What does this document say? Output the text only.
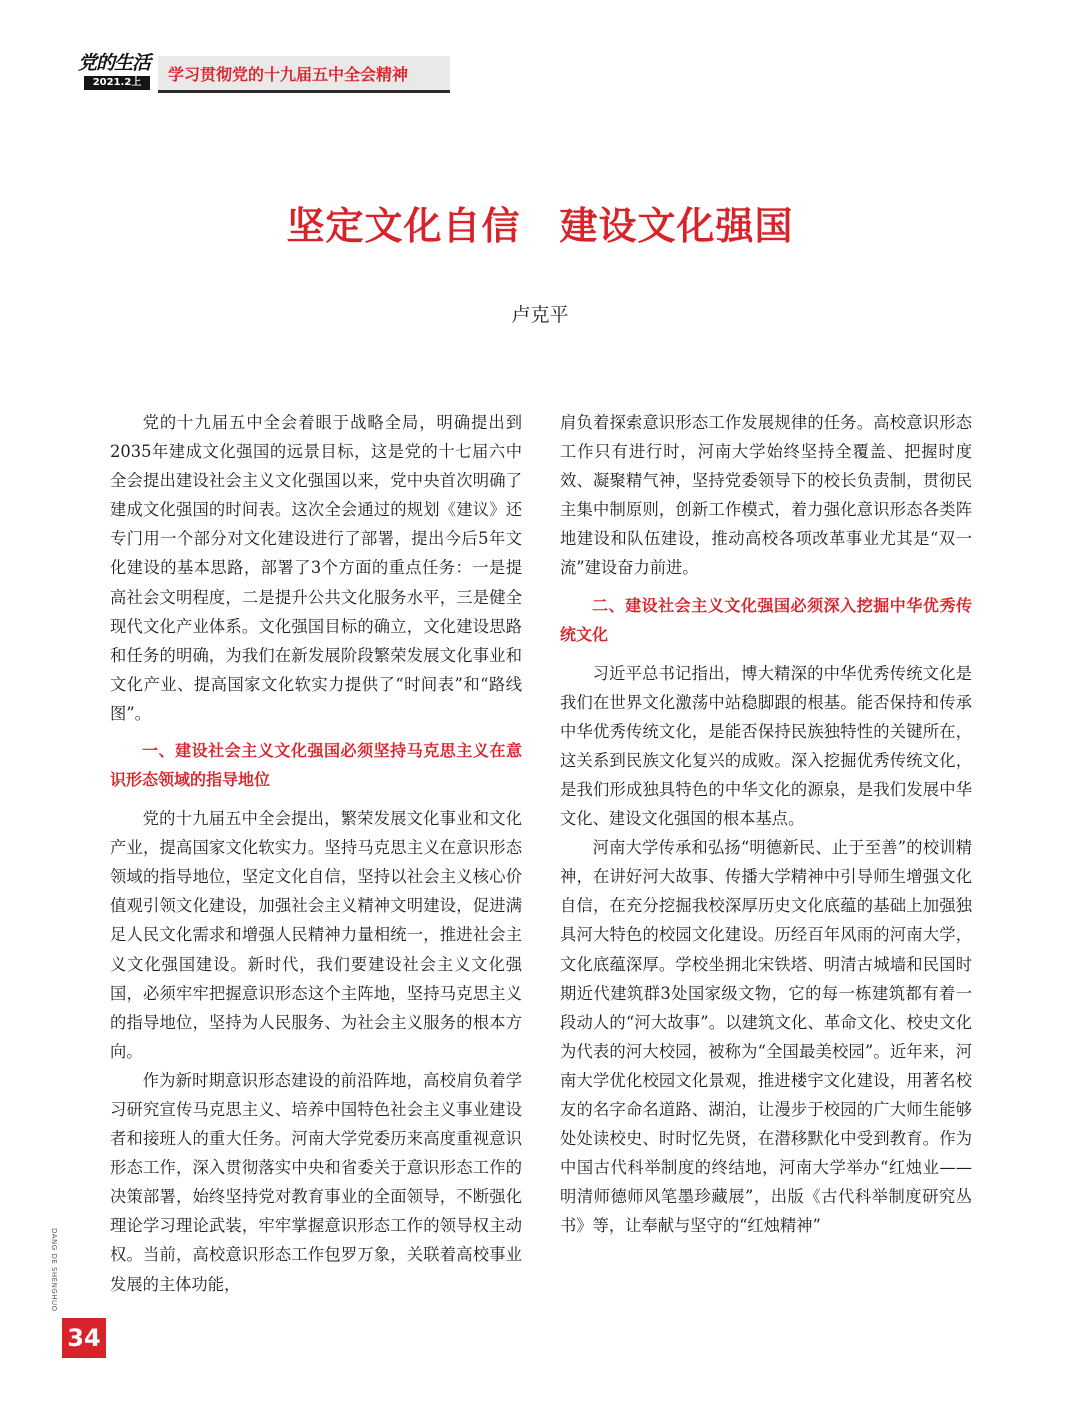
党的生活
2021.2上	学习贯彻党的十九届五中全会精神
坚定文化自信　建设文化强国
卢克平

党的十九届五中全会着眼于战略全局，明确提出到2035年建成文化强国的远景目标，这是党的十七届六中全会提出建设社会主义文化强国以来，党中央首次明确了建成文化强国的时间表。这次全会通过的规划《建议》还专门用一个部分对文化建设进行了部署，提出今后5年文化建设的基本思路，部署了3个方面的重点任务：一是提高社会文明程度，二是提升公共文化服务水平，三是健全现代文化产业体系。文化强国目标的确立，文化建设思路和任务的明确，为我们在新发展阶段繁荣发展文化事业和文化产业、提高国家文化软实力提供了“时间表”和“路线图”。

一、建设社会主义文化强国必须坚持马克思主义在意识形态领域的指导地位

党的十九届五中全会提出，繁荣发展文化事业和文化产业，提高国家文化软实力。坚持马克思主义在意识形态领域的指导地位，坚定文化自信，坚持以社会主义核心价值观引领文化建设，加强社会主义精神文明建设，促进满足人民文化需求和增强人民精神力量相统一，推进社会主义文化强国建设。新时代，我们要建设社会主义文化强国，必须牢牢把握意识形态这个主阵地，坚持马克思主义的指导地位，坚持为人民服务、为社会主义服务的根本方向。

作为新时期意识形态建设的前沿阵地，高校肩负着学习研究宣传马克思主义、培养中国特色社会主义事业建设者和接班人的重大任务。河南大学党委历来高度重视意识形态工作，深入贯彻落实中央和省委关于意识形态工作的决策部署，始终坚持党对教育事业的全面领导，不断强化理论学习理论武装，牢牢掌握意识形态工作的领导权主动权。当前，高校意识形态工作包罗万象，关联着高校事业发展的主体功能，

肩负着探索意识形态工作发展规律的任务。高校意识形态工作只有进行时，河南大学始终坚持全覆盖、把握时度效、凝聚精气神，坚持党委领导下的校长负责制，贯彻民主集中制原则，创新工作模式，着力强化意识形态各类阵地建设和队伍建设，推动高校各项改革事业尤其是“双一流”建设奋力前进。

二、建设社会主义文化强国必须深入挖掘中华优秀传统文化

习近平总书记指出，博大精深的中华优秀传统文化是我们在世界文化激荡中站稳脚跟的根基。能否保持和传承中华优秀传统文化，是能否保持民族独特性的关键所在，这关系到民族文化复兴的成败。深入挖掘优秀传统文化，是我们形成独具特色的中华文化的源泉，是我们发展中华文化、建设文化强国的根本基点。

河南大学传承和弘扬“明德新民、止于至善”的校训精神，在讲好河大故事、传播大学精神中引导师生增强文化自信，在充分挖掘我校深厚历史文化底蕴的基础上加强独具河大特色的校园文化建设。历经百年风雨的河南大学，文化底蕴深厚。学校坐拥北宋铁塔、明清古城墙和民国时期近代建筑群3处国家级文物，它的每一栋建筑都有着一段动人的“河大故事”。以建筑文化、革命文化、校史文化为代表的河大校园，被称为“全国最美校园”。近年来，河南大学优化校园文化景观，推进楼宇文化建设，用著名校友的名字命名道路、湖泊，让漫步于校园的广大师生能够处处读校史、时时忆先贤，在潜移默化中受到教育。作为中国古代科举制度的终结地，河南大学举办“红烛业——明清师德师风笔墨珍藏展”，出版《古代科举制度研究丛书》等，让奉献与坚守的“红烛精神”

DANG DE SHENGHUO
34
